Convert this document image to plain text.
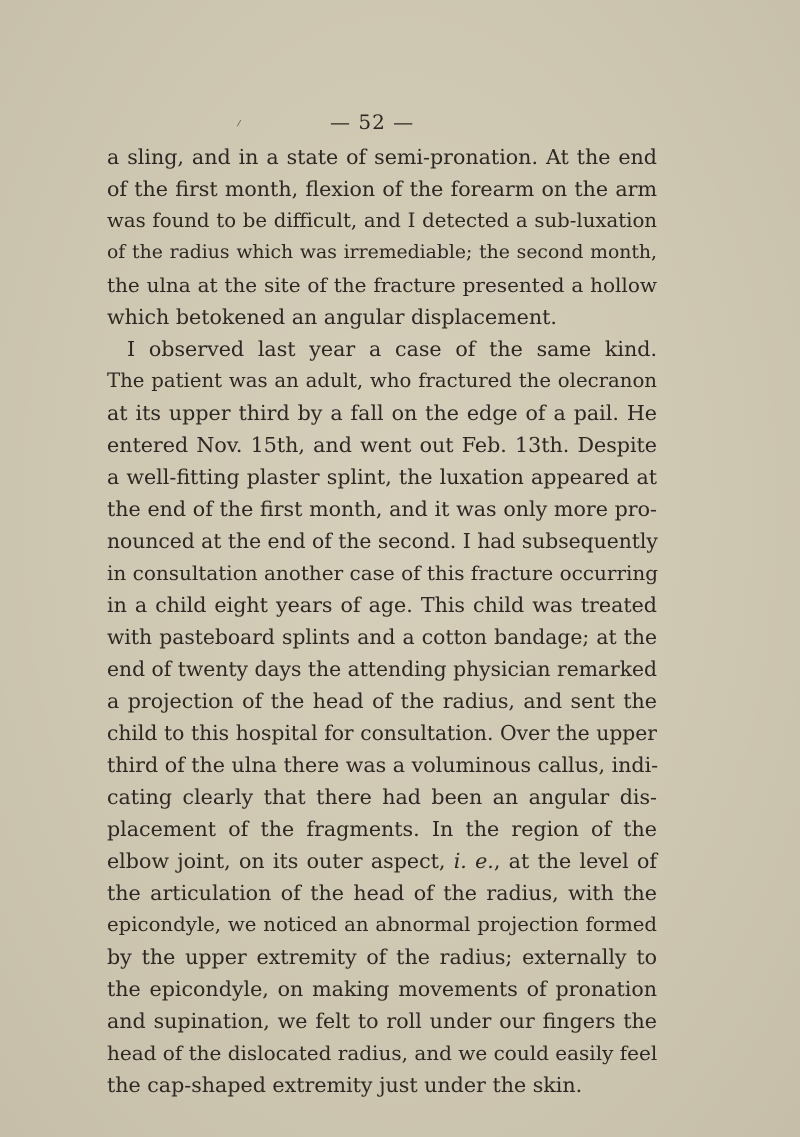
⸍	— 52 —
a sling, and in a state of semi-pronation. At the end
of the first month, flexion of the forearm on the arm
was found to be difficult, and I detected a sub-luxation
of the radius which was irremediable; the second month,
the ulna at the site of the fracture presented a hollow
which betokened an angular displacement.
I observed last year a case of the same kind.
The patient was an adult, who fractured the olecranon
at its upper third by a fall on the edge of a pail. He
entered Nov. 15th, and went out Feb. 13th. Despite
a well-fitting plaster splint, the luxation appeared at
the end of the first month, and it was only more pro-
nounced at the end of the second. I had subsequently
in consultation another case of this fracture occurring
in a child eight years of age. This child was treated
with pasteboard splints and a cotton bandage; at the
end of twenty days the attending physician remarked
a projection of the head of the radius, and sent the
child to this hospital for consultation. Over the upper
third of the ulna there was a voluminous callus, indi-
cating clearly that there had been an angular dis-
placement of the fragments. In the region of the
elbow joint, on its outer aspect, i. e., at the level of
the articulation of the head of the radius, with the
epicondyle, we noticed an abnormal projection formed
by the upper extremity of the radius; externally to
the epicondyle, on making movements of pronation
and supination, we felt to roll under our fingers the
head of the dislocated radius, and we could easily feel
the cap-shaped extremity just under the skin.
